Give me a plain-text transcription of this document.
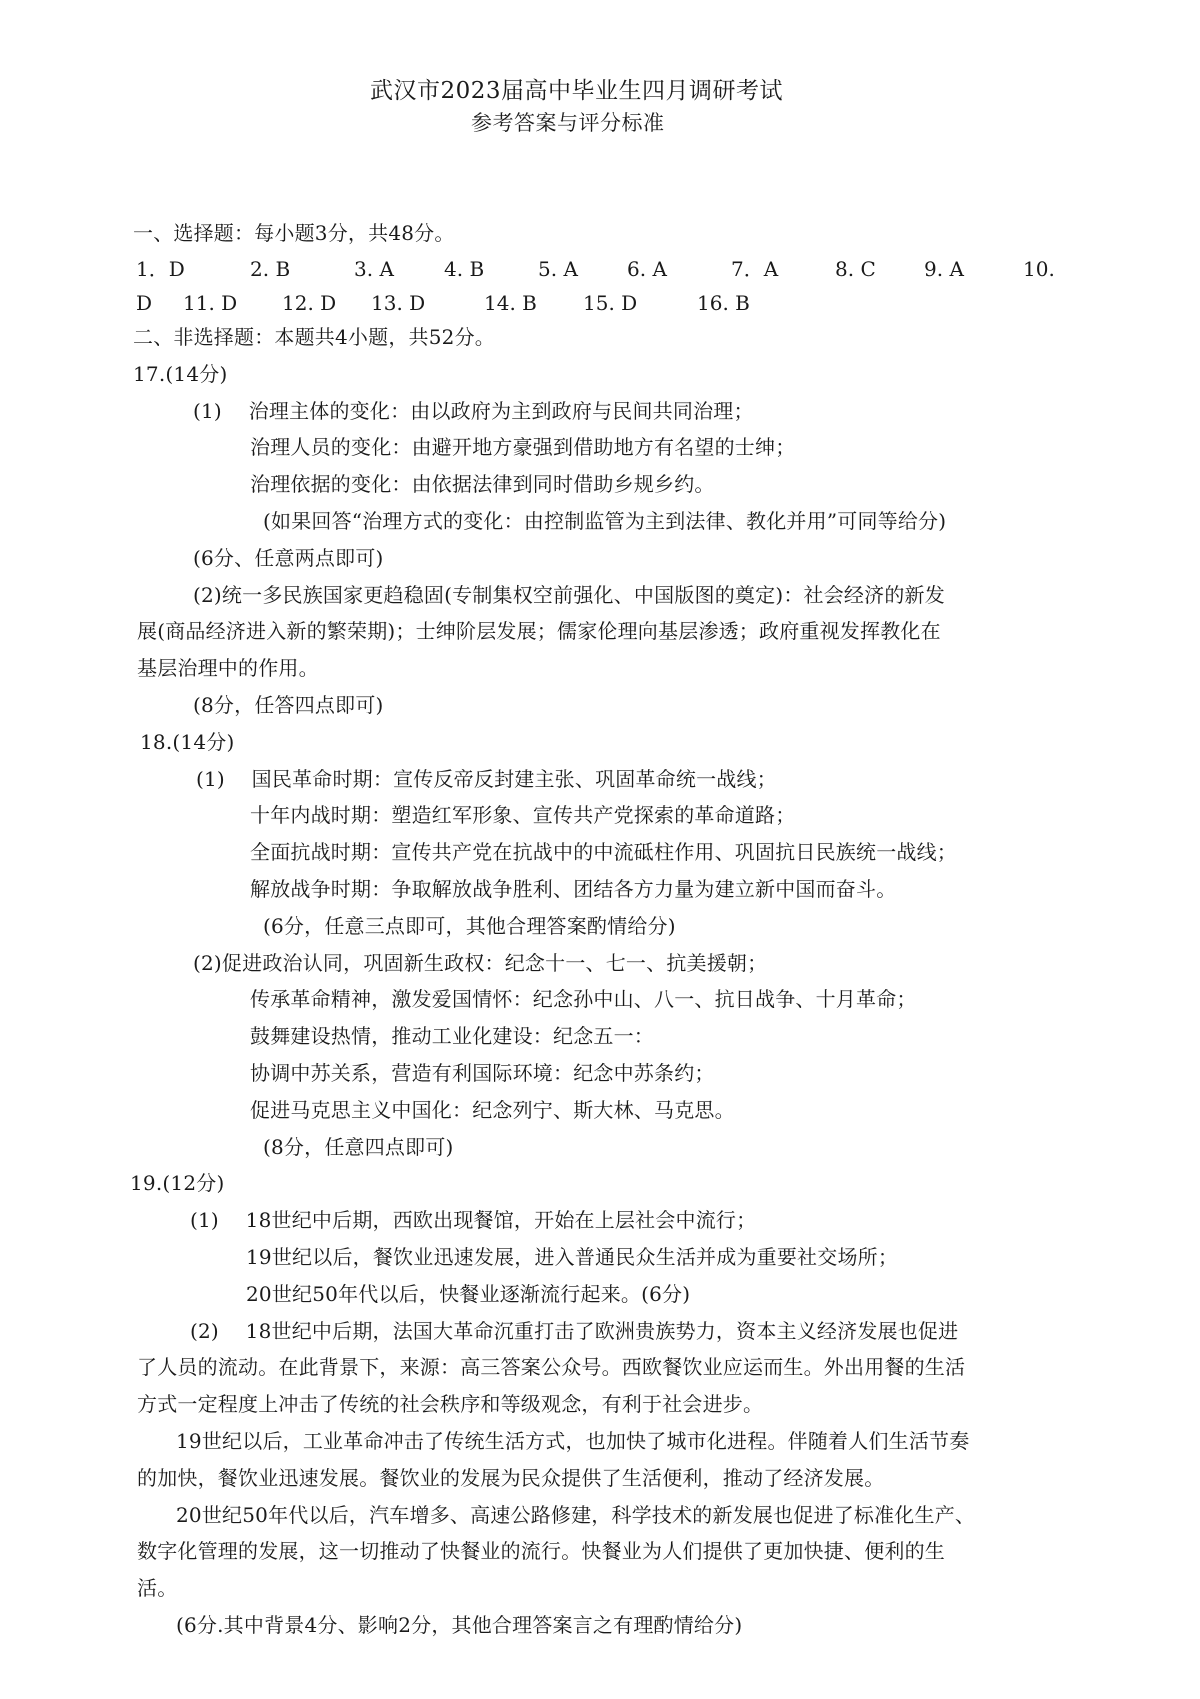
武汉市2023届高中毕业生四月调研考试
参考答案与评分标准
一、选择题：每小题3分，共48分。
1．D	2. B	3. A	4. B	5. A 6. A	7．A	8. C 9. A	10.
D 11. D 12. D 13. D	14. B 15. D	16. B
二、非选择题：本题共4小题，共52分。
17.(14分)
(1)　 治理主体的变化：由以政府为主到政府与民间共同治理；
治理人员的变化：由避开地方豪强到借助地方有名望的士绅；
治理依据的变化：由依据法律到同时借助乡规乡约。
(如果回答“治理方式的变化：由控制监管为主到法律、教化并用”可同等给分)
(6分、任意两点即可)
(2)统一多民族国家更趋稳固(专制集权空前强化、中国版图的奠定)：社会经济的新发
展(商品经济进入新的繁荣期)；士绅阶层发展；儒家伦理向基层渗透；政府重视发挥教化在
基层治理中的作用。
(8分，任答四点即可)
18.(14分)
(1)　 国民革命时期：宣传反帝反封建主张、巩固革命统一战线；
十年内战时期：塑造红军形象、宣传共产党探索的革命道路；
全面抗战时期：宣传共产党在抗战中的中流砥柱作用、巩固抗日民族统一战线；
解放战争时期：争取解放战争胜利、团结各方力量为建立新中国而奋斗。
(6分，任意三点即可，其他合理答案酌情给分)
(2)促进政治认同，巩固新生政权：纪念十一、七一、抗美援朝；
传承革命精神，激发爱国情怀：纪念孙中山、八一、抗日战争、十月革命；
鼓舞建设热情，推动工业化建设：纪念五一：
协调中苏关系，营造有利国际环境：纪念中苏条约；
促进马克思主义中国化：纪念列宁、斯大林、马克思。
(8分，任意四点即可)
19.(12分)
(1)　 18世纪中后期，西欧出现餐馆，开始在上层社会中流行；
19世纪以后，餐饮业迅速发展，进入普通民众生活并成为重要社交场所；
20世纪50年代以后，快餐业逐渐流行起来。(6分)
(2)　 18世纪中后期，法国大革命沉重打击了欧洲贵族势力，资本主义经济发展也促进
了人员的流动。在此背景下，来源：高三答案公众号。西欧餐饮业应运而生。外出用餐的生活
方式一定程度上冲击了传统的社会秩序和等级观念，有利于社会进步。
19世纪以后，工业革命冲击了传统生活方式，也加快了城市化进程。伴随着人们生活节奏
的加快，餐饮业迅速发展。餐饮业的发展为民众提供了生活便利，推动了经济发展。
20世纪50年代以后，汽车增多、高速公路修建，科学技术的新发展也促进了标准化生产、
数字化管理的发展，这一切推动了快餐业的流行。快餐业为人们提供了更加快捷、便利的生
活。
(6分.其中背景4分、影响2分，其他合理答案言之有理酌情给分)
